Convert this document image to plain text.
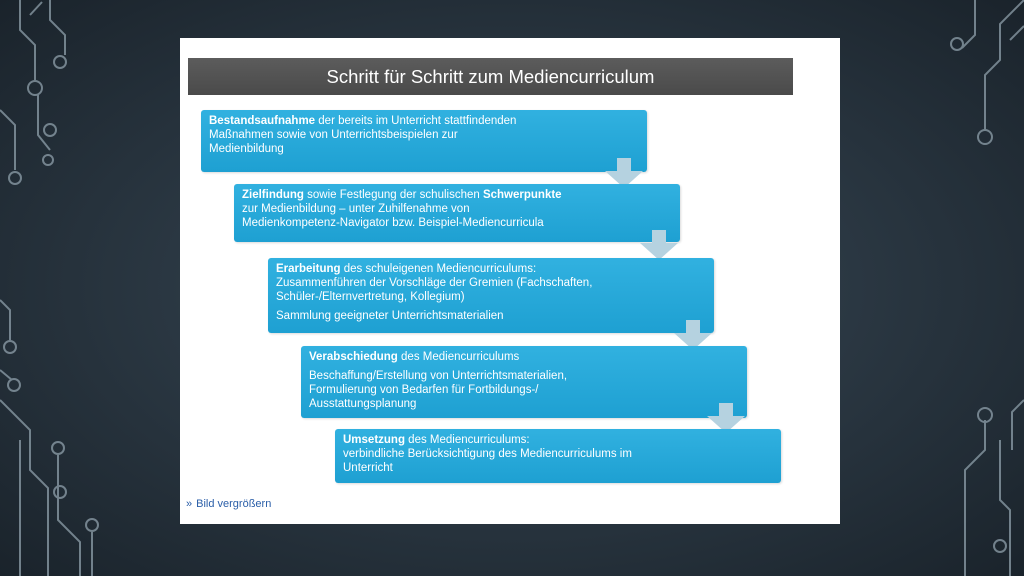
Schritt für Schritt zum Mediencurriculum

Bestandsaufnahme der bereits im Unterricht stattfindenden

Maßnahmen sowie von Unterrichtsbeispielen zur

Medienbildung

Zielfindung sowie Festlegung der schulischen Schwerpunkte

zur Medienbildung – unter Zuhilfenahme von

Medienkompetenz-Navigator bzw. Beispiel-Mediencurricula

Erarbeitung des schuleigenen Mediencurriculums:

Zusammenführen der Vorschläge der Gremien (Fachschaften,

Schüler-/Elternvertretung, Kollegium)

Sammlung geeigneter Unterrichtsmaterialien

Verabschiedung des Mediencurriculums

Beschaffung/Erstellung von Unterrichtsmaterialien,

Formulierung von Bedarfen für Fortbildungs-/

Ausstattungsplanung

Umsetzung des Mediencurriculums:

verbindliche Berücksichtigung des Mediencurriculums im

Unterricht

» Bild vergrößern
